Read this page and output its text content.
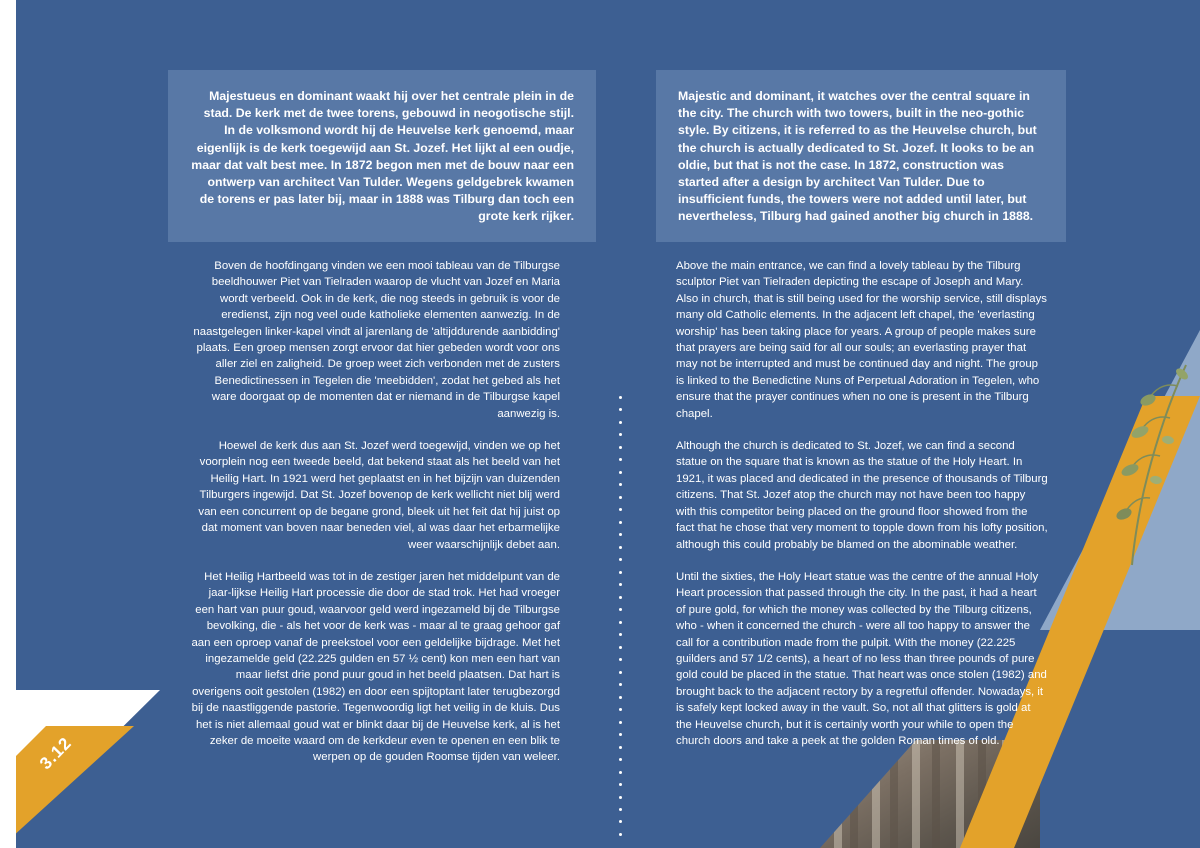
3.12
Majestueus en dominant waakt hij over het centrale plein in de stad. De kerk met de twee torens, gebouwd in neogotische stijl. In de volksmond wordt hij de Heuvelse kerk genoemd, maar eigenlijk is de kerk toegewijd aan St. Jozef. Het lijkt al een oudje, maar dat valt best mee. In 1872 begon men met de bouw naar een ontwerp van architect Van Tulder. Wegens geldgebrek kwamen de torens er pas later bij, maar in 1888 was Tilburg dan toch een grote kerk rijker.
Majestic and dominant, it watches over the central square in the city. The church with two towers, built in the neo-gothic style. By citizens, it is referred to as the Heuvelse church, but the church is actually dedicated to St. Jozef. It looks to be an oldie, but that is not the case. In 1872, construction was started after a design by architect Van Tulder. Due to insufficient funds, the towers were not added until later, but nevertheless, Tilburg had gained another big church in 1888.

Boven de hoofdingang vinden we een mooi tableau van de Tilburgse beeldhouwer Piet van Tielraden waarop de vlucht van Jozef en Maria wordt verbeeld. Ook in de kerk, die nog steeds in gebruik is voor de eredienst, zijn nog veel oude katholieke elementen aanwezig. In de naastgelegen linker-kapel vindt al jarenlang de 'altijddurende aanbidding' plaats. Een groep mensen zorgt ervoor dat hier gebeden wordt voor ons aller ziel en zaligheid. De groep weet zich verbonden met de zusters Benedictinessen in Tegelen die 'meebidden', zodat het gebed als het ware doorgaat op de momenten dat er niemand in de Tilburgse kapel aanwezig is.

Hoewel de kerk dus aan St. Jozef werd toegewijd, vinden we op het voorplein nog een tweede beeld, dat bekend staat als het beeld van het Heilig Hart. In 1921 werd het geplaatst en in het bijzijn van duizenden Tilburgers ingewijd. Dat St. Jozef bovenop de kerk wellicht niet blij werd van een concurrent op de begane grond, bleek uit het feit dat hij juist op dat moment van boven naar beneden viel, al was daar het erbarmelijke weer waarschijnlijk debet aan.

Het Heilig Hartbeeld was tot in de zestiger jaren het middelpunt van de jaar-lijkse Heilig Hart processie die door de stad trok. Het had vroeger een hart van puur goud, waarvoor geld werd ingezameld bij de Tilburgse bevolking, die - als het voor de kerk was - maar al te graag gehoor gaf aan een oproep vanaf de preekstoel voor een geldelijke bijdrage. Met het ingezamelde geld (22.225 gulden en 57 ½ cent) kon men een hart van maar liefst drie pond puur goud in het beeld plaatsen. Dat hart is overigens ooit gestolen (1982) en door een spijtoptant later terugbezorgd bij de naastliggende pastorie. Tegenwoordig ligt het veilig in de kluis. Dus het is niet allemaal goud wat er blinkt daar bij de Heuvelse kerk, al is het zeker de moeite waard om de kerkdeur even te openen en een blik te werpen op de gouden Roomse tijden van weleer.

Above the main entrance, we can find a lovely tableau by the Tilburg sculptor Piet van Tielraden depicting the escape of Joseph and Mary. Also in church, that is still being used for the worship service, still displays many old Catholic elements. In the adjacent left chapel, the 'everlasting worship' has been taking place for years. A group of people makes sure that prayers are being said for all our souls; an everlasting prayer that may not be interrupted and must be continued day and night. The group is linked to the Benedictine Nuns of Perpetual Adoration in Tegelen, who ensure that the prayer continues when no one is present in the Tilburg chapel.

Although the church is dedicated to St. Jozef, we can find a second statue on the square that is known as the statue of the Holy Heart. In 1921, it was placed and dedicated in the presence of thousands of Tilburg citizens. That St. Jozef atop the church may not have been too happy with this competitor being placed on the ground floor showed from the fact that he chose that very moment to topple down from his lofty position, although this could probably be blamed on the abominable weather.

Until the sixties, the Holy Heart statue was the centre of the annual Holy Heart procession that passed through the city. In the past, it had a heart of pure gold, for which the money was collected by the Tilburg citizens, who - when it concerned the church - were all too happy to answer the call for a contribution made from the pulpit. With the money (22.225 guilders and 57 1/2 cents), a heart of no less than three pounds of pure gold could be placed in the statue. That heart was once stolen (1982) and brought back to the adjacent rectory by a regretful offender. Nowadays, it is safely kept locked away in the vault. So, not all that glitters is gold at the Heuvelse church, but it is certainly worth your while to open the church doors and take a peek at the golden Roman times of old.
